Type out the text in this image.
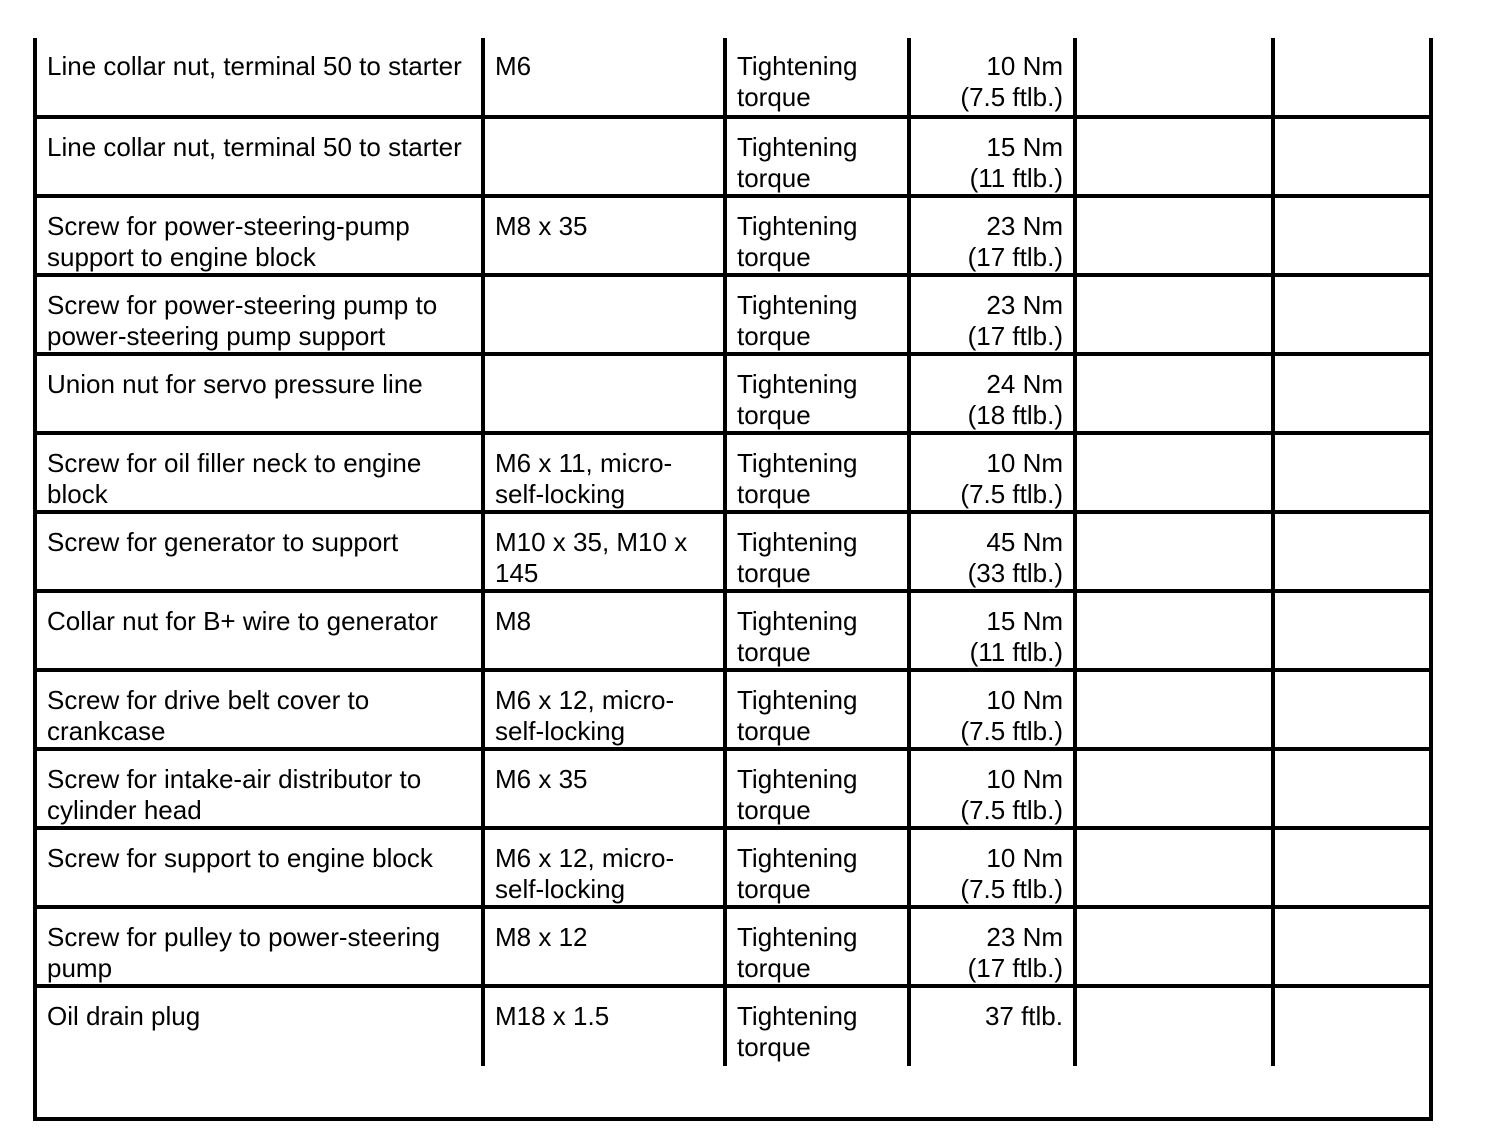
Line collar nut, terminal 50 to starter	M6	Tightening torque	10 Nm
(7.5 ftlb.)		

Line collar nut, terminal 50 to starter		Tightening torque	15 Nm
(11 ftlb.)		

Screw for power-steering-pump support to engine block	M8 x 35	Tightening torque	23 Nm
(17 ftlb.)		

Screw for power-steering pump to power-steering pump support		Tightening torque	23 Nm
(17 ftlb.)		

Union nut for servo pressure line		Tightening torque	24 Nm
(18 ftlb.)		

Screw for oil filler neck to engine block	M6 x 11, micro-self-locking	Tightening torque	10 Nm
(7.5 ftlb.)		

Screw for generator to support	M10 x 35, M10 x 145	Tightening torque	45 Nm
(33 ftlb.)		

Collar nut for B+ wire to generator	M8	Tightening torque	15 Nm
(11 ftlb.)		

Screw for drive belt cover to crankcase	M6 x 12, micro-self-locking	Tightening torque	10 Nm
(7.5 ftlb.)		

Screw for intake-air distributor to cylinder head	M6 x 35	Tightening torque	10 Nm
(7.5 ftlb.)		

Screw for support to engine block	M6 x 12, micro-self-locking	Tightening torque	10 Nm
(7.5 ftlb.)		

Screw for pulley to power-steering pump	M8 x 12	Tightening torque	23 Nm
(17 ftlb.)		

Oil drain plug	M18 x 1.5	Tightening torque	37 ftlb.		
